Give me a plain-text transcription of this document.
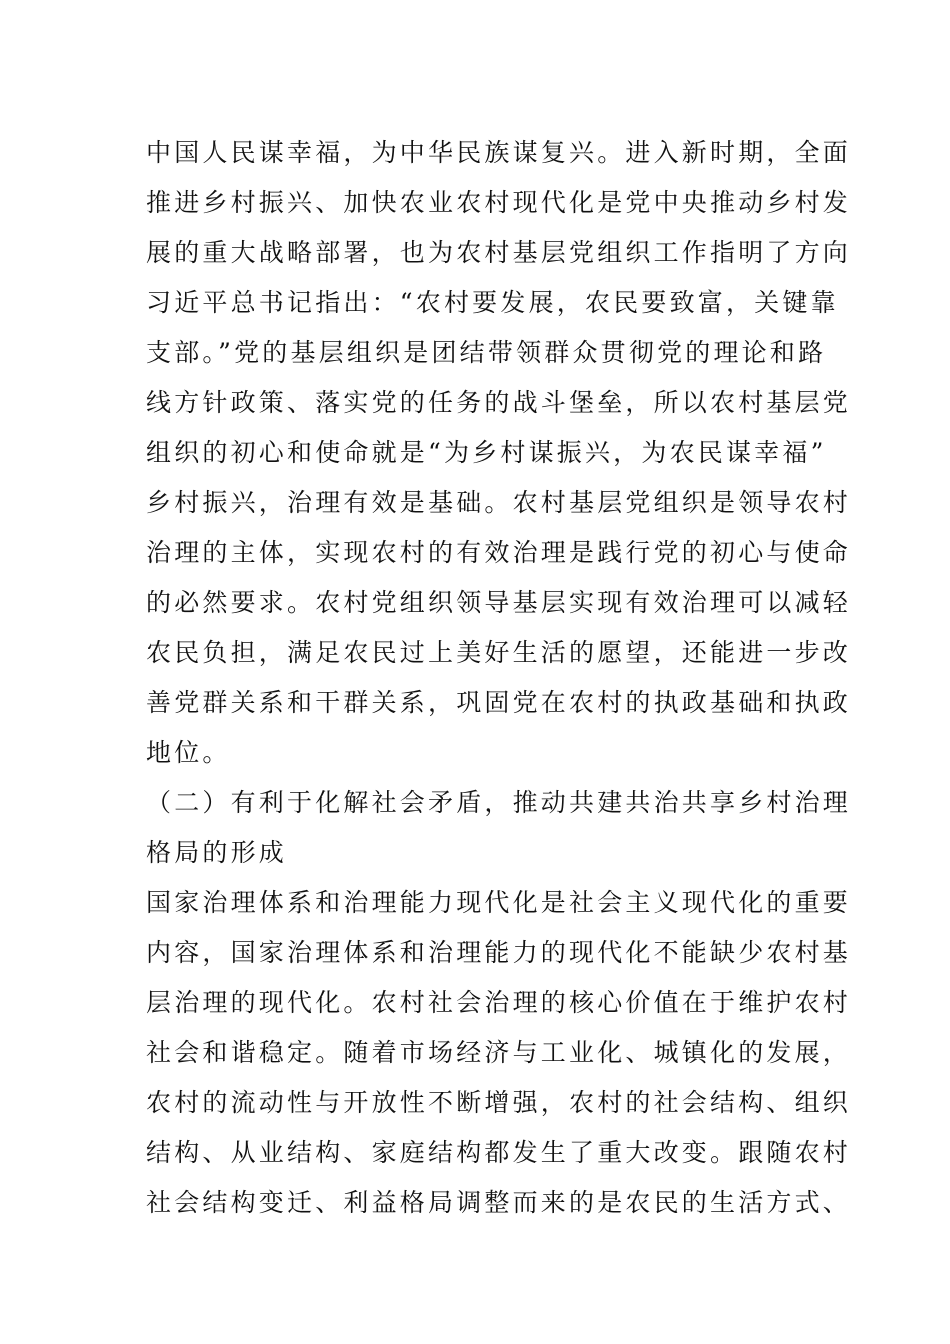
中国人民谋幸福，为中华民族谋复兴。进入新时期，全面
推进乡村振兴、加快农业农村现代化是党中央推动乡村发
展的重大战略部署，也为农村基层党组织工作指明了方向
习近平总书记指出：“农村要发展，农民要致富，关键靠
支部。”党的基层组织是团结带领群众贯彻党的理论和路
线方针政策、落实党的任务的战斗堡垒，所以农村基层党
组织的初心和使命就是“为乡村谋振兴，为农民谋幸福”
乡村振兴，治理有效是基础。农村基层党组织是领导农村
治理的主体，实现农村的有效治理是践行党的初心与使命
的必然要求。农村党组织领导基层实现有效治理可以减轻
农民负担，满足农民过上美好生活的愿望，还能进一步改
善党群关系和干群关系，巩固党在农村的执政基础和执政
地位。
（二）有利于化解社会矛盾，推动共建共治共享乡村治理
格局的形成
国家治理体系和治理能力现代化是社会主义现代化的重要
内容，国家治理体系和治理能力的现代化不能缺少农村基
层治理的现代化。农村社会治理的核心价值在于维护农村
社会和谐稳定。随着市场经济与工业化、城镇化的发展，
农村的流动性与开放性不断增强，农村的社会结构、组织
结构、从业结构、家庭结构都发生了重大改变。跟随农村
社会结构变迁、利益格局调整而来的是农民的生活方式、
